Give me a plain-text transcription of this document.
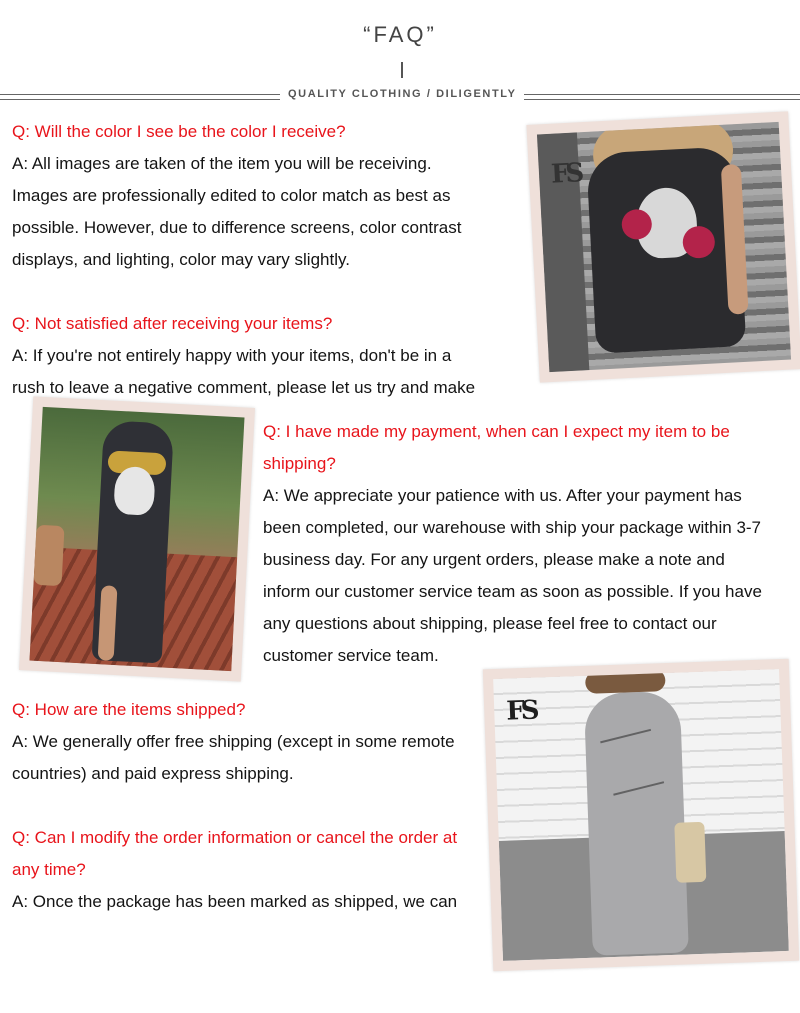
“FAQ”
QUALITY CLOTHING / DILIGENTLY
Q: Will the color I see be the color I receive?
A: All images are taken of the item you will be receiving.
Images are professionally edited to color match as best as
possible. However, due to difference screens, color contrast
displays, and lighting, color may vary slightly.
Q: Not satisfied after receiving your items?
A: If you're not entirely happy with your items, don't be in a
rush to leave a negative comment, please let us try and make
Q: I have made my payment, when can I expect my item to be
shipping?
A: We appreciate your patience with us. After your payment has
been completed, our warehouse with ship your package within 3-7
business day. For any urgent orders, please make a note and
inform our customer service team as soon as possible. If you have
any questions about shipping, please feel free to contact our
customer service team.
Q: How are the items shipped?
A: We generally offer free shipping (except in some remote
countries) and paid express shipping.
Q: Can I modify the order information or cancel the order at
any time?
A: Once the package has been marked as shipped, we can
FS
FS
